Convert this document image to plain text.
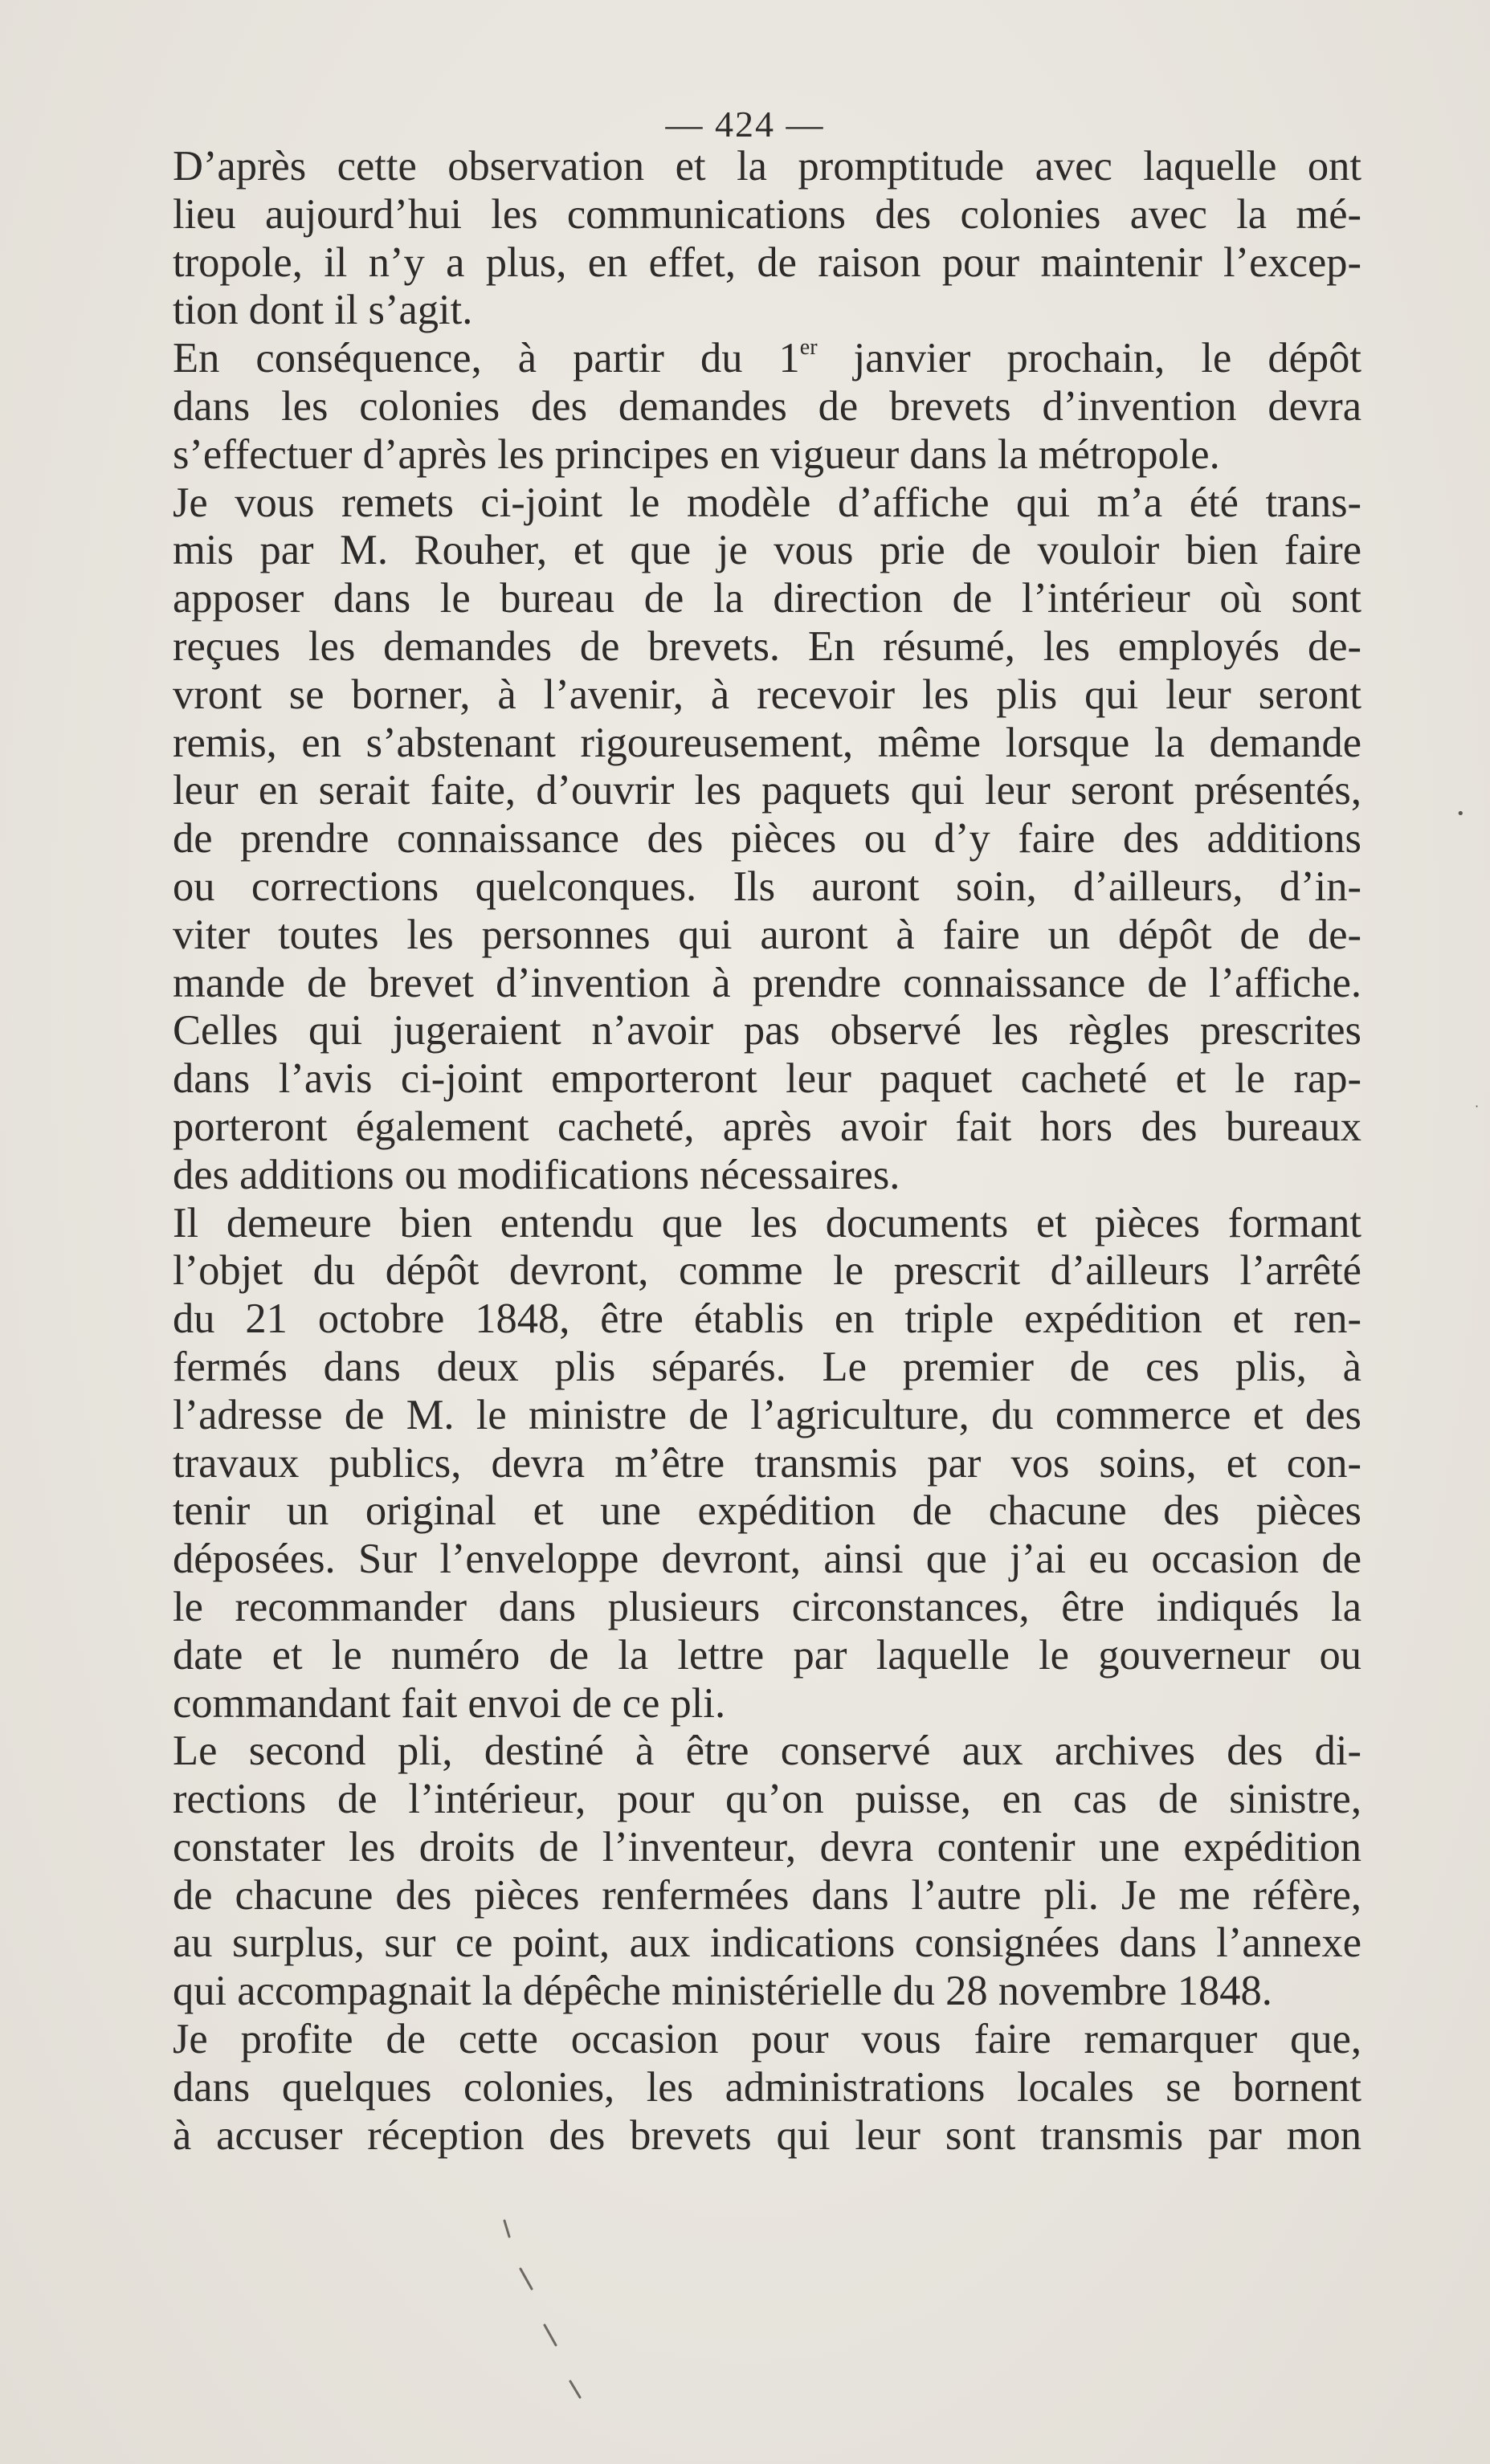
— 424 —
D’après cette observation et la promptitude avec laquelle ont
lieu aujourd’hui les communications des colonies avec la mé-
tropole, il n’y a plus, en effet, de raison pour maintenir l’excep-
tion dont il s’agit.
En conséquence, à partir du 1er janvier prochain, le dépôt
dans les colonies des demandes de brevets d’invention devra
s’effectuer d’après les principes en vigueur dans la métropole.
Je vous remets ci-joint le modèle d’affiche qui m’a été trans-
mis par M. Rouher, et que je vous prie de vouloir bien faire
apposer dans le bureau de la direction de l’intérieur où sont
reçues les demandes de brevets. En résumé, les employés de-
vront se borner, à l’avenir, à recevoir les plis qui leur seront
remis, en s’abstenant rigoureusement, même lorsque la demande
leur en serait faite, d’ouvrir les paquets qui leur seront présentés,
de prendre connaissance des pièces ou d’y faire des additions
ou corrections quelconques. Ils auront soin, d’ailleurs, d’in-
viter toutes les personnes qui auront à faire un dépôt de de-
mande de brevet d’invention à prendre connaissance de l’affiche.
Celles qui jugeraient n’avoir pas observé les règles prescrites
dans l’avis ci-joint emporteront leur paquet cacheté et le rap-
porteront également cacheté, après avoir fait hors des bureaux
des additions ou modifications nécessaires.
Il demeure bien entendu que les documents et pièces formant
l’objet du dépôt devront, comme le prescrit d’ailleurs l’arrêté
du 21 octobre 1848, être établis en triple expédition et ren-
fermés dans deux plis séparés. Le premier de ces plis, à
l’adresse de M. le ministre de l’agriculture, du commerce et des
travaux publics, devra m’être transmis par vos soins, et con-
tenir un original et une expédition de chacune des pièces
déposées. Sur l’enveloppe devront, ainsi que j’ai eu occasion de
le recommander dans plusieurs circonstances, être indiqués la
date et le numéro de la lettre par laquelle le gouverneur ou
commandant fait envoi de ce pli.
Le second pli, destiné à être conservé aux archives des di-
rections de l’intérieur, pour qu’on puisse, en cas de sinistre,
constater les droits de l’inventeur, devra contenir une expédition
de chacune des pièces renfermées dans l’autre pli. Je me réfère,
au surplus, sur ce point, aux indications consignées dans l’annexe
qui accompagnait la dépêche ministérielle du 28 novembre 1848.
Je profite de cette occasion pour vous faire remarquer que,
dans quelques colonies, les administrations locales se bornent
à accuser réception des brevets qui leur sont transmis par mon
•
·
